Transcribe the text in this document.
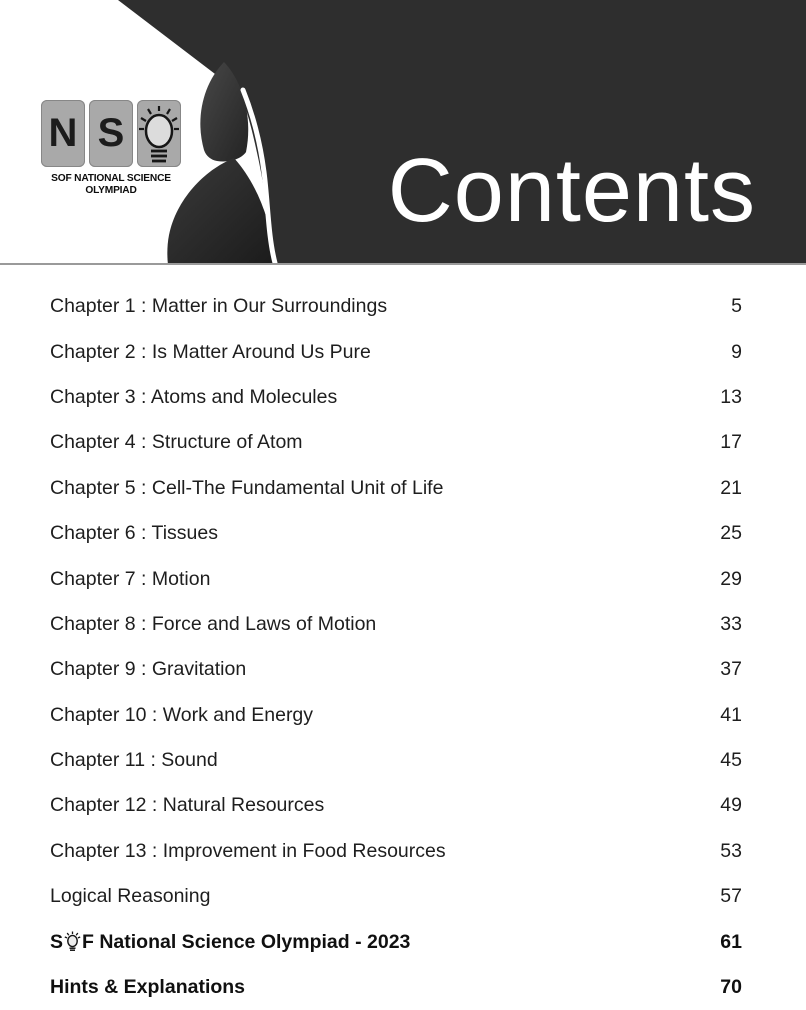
N S
SOF NATIONAL SCIENCE
OLYMPIAD	Contents
Chapter 1 : Matter in Our Surroundings	5
Chapter 2 : Is Matter Around Us Pure	9
Chapter 3 : Atoms and Molecules	13
Chapter 4 : Structure of Atom	17
Chapter 5 : Cell-The Fundamental Unit of Life	21
Chapter 6 : Tissues	25
Chapter 7 : Motion	29
Chapter 8 : Force and Laws of Motion	33
Chapter 9 : Gravitation	37
Chapter 10 : Work and Energy	41
Chapter 11 : Sound	45
Chapter 12 : Natural Resources	49
Chapter 13 : Improvement in Food Resources	53
Logical Reasoning	57
S F National Science Olympiad - 2023	61
Hints & Explanations	70
